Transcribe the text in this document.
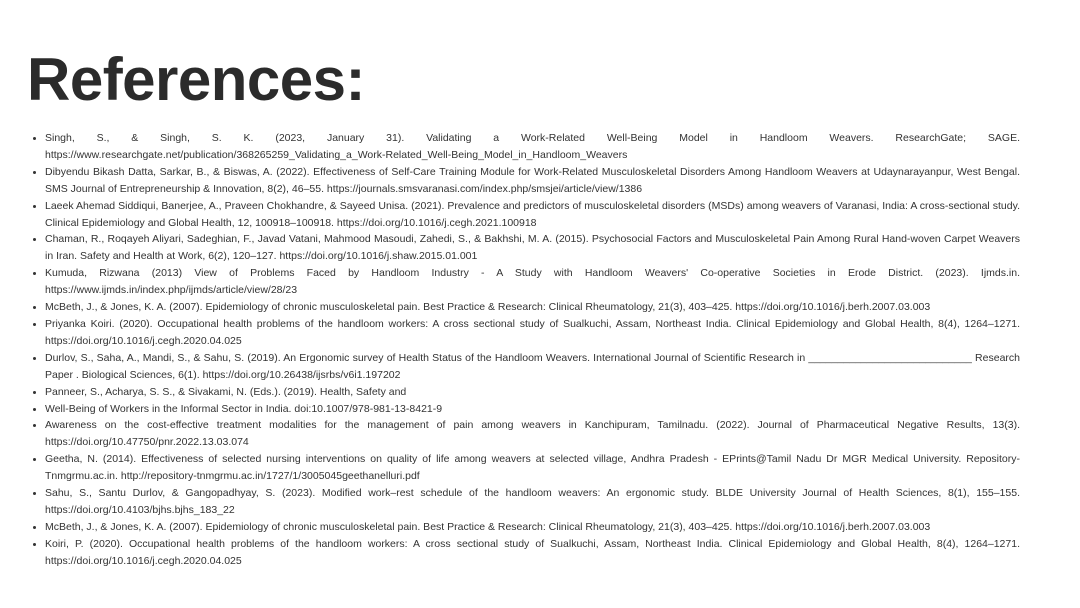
References:
• Singh, S., & Singh, S. K. (2023, January 31). Validating a Work-Related Well-Being Model in Handloom Weavers. ResearchGate; SAGE. https://www.researchgate.net/publication/368265259_Validating_a_Work-Related_Well-Being_Model_in_Handloom_Weavers
• Dibyendu Bikash Datta, Sarkar, B., & Biswas, A. (2022). Effectiveness of Self-Care Training Module for Work-Related Musculoskeletal Disorders Among Handloom Weavers at Udaynarayanpur, West Bengal. SMS Journal of Entrepreneurship & Innovation, 8(2), 46–55. https://journals.smsvaranasi.com/index.php/smsjei/article/view/1386
• Laeek Ahemad Siddiqui, Banerjee, A., Praveen Chokhandre, & Sayeed Unisa. (2021). Prevalence and predictors of musculoskeletal disorders (MSDs) among weavers of Varanasi, India: A cross-sectional study. Clinical Epidemiology and Global Health, 12, 100918–100918. https://doi.org/10.1016/j.cegh.2021.100918
• Chaman, R., Roqayeh Aliyari, Sadeghian, F., Javad Vatani, Mahmood Masoudi, Zahedi, S., & Bakhshi, M. A. (2015). Psychosocial Factors and Musculoskeletal Pain Among Rural Hand-woven Carpet Weavers in Iran. Safety and Health at Work, 6(2), 120–127. https://doi.org/10.1016/j.shaw.2015.01.001
• Kumuda, Rizwana (2013) View of Problems Faced by Handloom Industry - A Study with Handloom Weavers' Co-operative Societies in Erode District. (2023). Ijmds.in. https://www.ijmds.in/index.php/ijmds/article/view/28/23
• McBeth, J., & Jones, K. A. (2007). Epidemiology of chronic musculoskeletal pain. Best Practice & Research: Clinical Rheumatology, 21(3), 403–425. https://doi.org/10.1016/j.berh.2007.03.003
• Priyanka Koiri. (2020). Occupational health problems of the handloom workers: A cross sectional study of Sualkuchi, Assam, Northeast India. Clinical Epidemiology and Global Health, 8(4), 1264–1271. https://doi.org/10.1016/j.cegh.2020.04.025
• Durlov, S., Saha, A., Mandi, S., & Sahu, S. (2019). An Ergonomic survey of Health Status of the Handloom Weavers. International Journal of Scientific Research in ____________________________ Research Paper . Biological Sciences, 6(1). https://doi.org/10.26438/ijsrbs/v6i1.197202
• Panneer, S., Acharya, S. S., & Sivakami, N. (Eds.). (2019). Health, Safety and
• Well-Being of Workers in the Informal Sector in India. doi:10.1007/978-981-13-8421-9
• Awareness on the cost-effective treatment modalities for the management of pain among weavers in Kanchipuram, Tamilnadu. (2022). Journal of Pharmaceutical Negative Results, 13(3). https://doi.org/10.47750/pnr.2022.13.03.074
• Geetha, N. (2014). Effectiveness of selected nursing interventions on quality of life among weavers at selected village, Andhra Pradesh - EPrints@Tamil Nadu Dr MGR Medical University. Repository-Tnmgrmu.ac.in. http://repository-tnmgrmu.ac.in/1727/1/3005045geethanelluri.pdf
• Sahu, S., Santu Durlov, & Gangopadhyay, S. (2023). Modified work–rest schedule of the handloom weavers: An ergonomic study. BLDE University Journal of Health Sciences, 8(1), 155–155. https://doi.org/10.4103/bjhs.bjhs_183_22
• McBeth, J., & Jones, K. A. (2007). Epidemiology of chronic musculoskeletal pain. Best Practice & Research: Clinical Rheumatology, 21(3), 403–425. https://doi.org/10.1016/j.berh.2007.03.003
• Koiri, P. (2020). Occupational health problems of the handloom workers: A cross sectional study of Sualkuchi, Assam, Northeast India. Clinical Epidemiology and Global Health, 8(4), 1264–1271. https://doi.org/10.1016/j.cegh.2020.04.025
